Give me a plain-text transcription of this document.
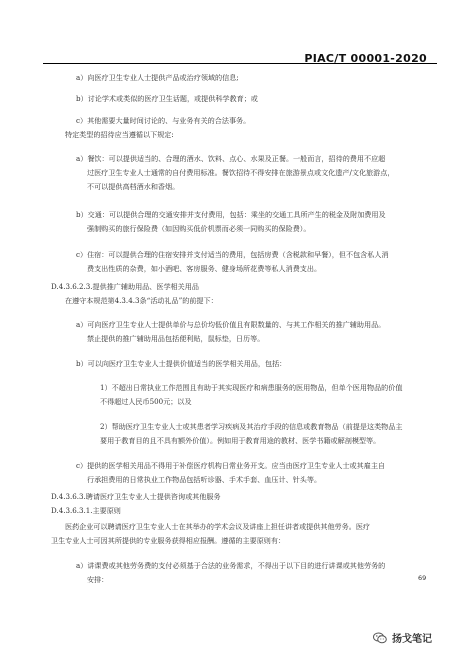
PIAC/T 00001-2020
a）向医疗卫生专业人士提供产品或治疗领域的信息;
b）讨论学术或类似的医疗卫生话题，或提供科学教育；或
c）其他需要大量时间讨论的、与业务有关的合法事务。
特定类型的招待应当遵循以下规定:
a）餐饮：可以提供适当的、合理的酒水、饮料、点心、水果及正餐。一般而言，招待的费用不应超
过医疗卫生专业人士通常的自付费用标准。餐饮招待不得安排在旅游景点或文化遗产/文化旅游点，
不可以提供高档酒水和香烟。
b）交通：可以提供合理的交通安排并支付费用，包括：乘坐的交通工具所产生的税金及附加费用及
强制购买的旅行保险费（如因购买低价机票而必须一同购买的保险费）。
c）住宿：可以提供合理的住宿安排并支付适当的费用，包括房费（含税款和早餐），但不包含私人消
费支出性质的杂费，如小酒吧、客房服务、健身场所花费等私人消费支出。
D.4.3.6.2.3.提供推广辅助用品、医学相关用品
在遵守本规范第4.3.4.3条“活动礼品”的前提下：
a）可向医疗卫生专业人士提供单价与总价均低价值且有限数量的、与其工作相关的推广辅助用品。
禁止提供的推广辅助用品包括便利贴，鼠标垫，日历等。
b）可以向医疗卫生专业人士提供价值适当的医学相关用品，包括：
1）不超出日常执业工作范围且有助于其实现医疗和病患服务的医用物品，但单个医用物品的价值
不得超过人民币500元；以及
2）帮助医疗卫生专业人士或其患者学习疾病及其治疗手段的信息或教育物品（前提是这类物品主
要用于教育目的且不具有额外价值）。例如用于教育用途的教材、医学书籍或解剖模型等。
c）提供的医学相关用品不得用于补偿医疗机构日常业务开支。应当由医疗卫生专业人士或其雇主自
行承担费用的日常执业工作物品包括听诊器、手术手套、血压计、针头等。
D.4.3.6.3.聘请医疗卫生专业人士提供咨询或其他服务
D.4.3.6.3.1.主要原则
医药企业可以聘请医疗卫生专业人士在其举办的学术会议及讲座上担任讲者或提供其他劳务。医疗
卫生专业人士可因其所提供的专业服务获得相应报酬。遵循的主要原则有：
a）讲课费或其他劳务费的支付必须基于合法的业务需求，不得出于以下目的进行讲课或其他劳务的
安排：	69
扬戈笔记
